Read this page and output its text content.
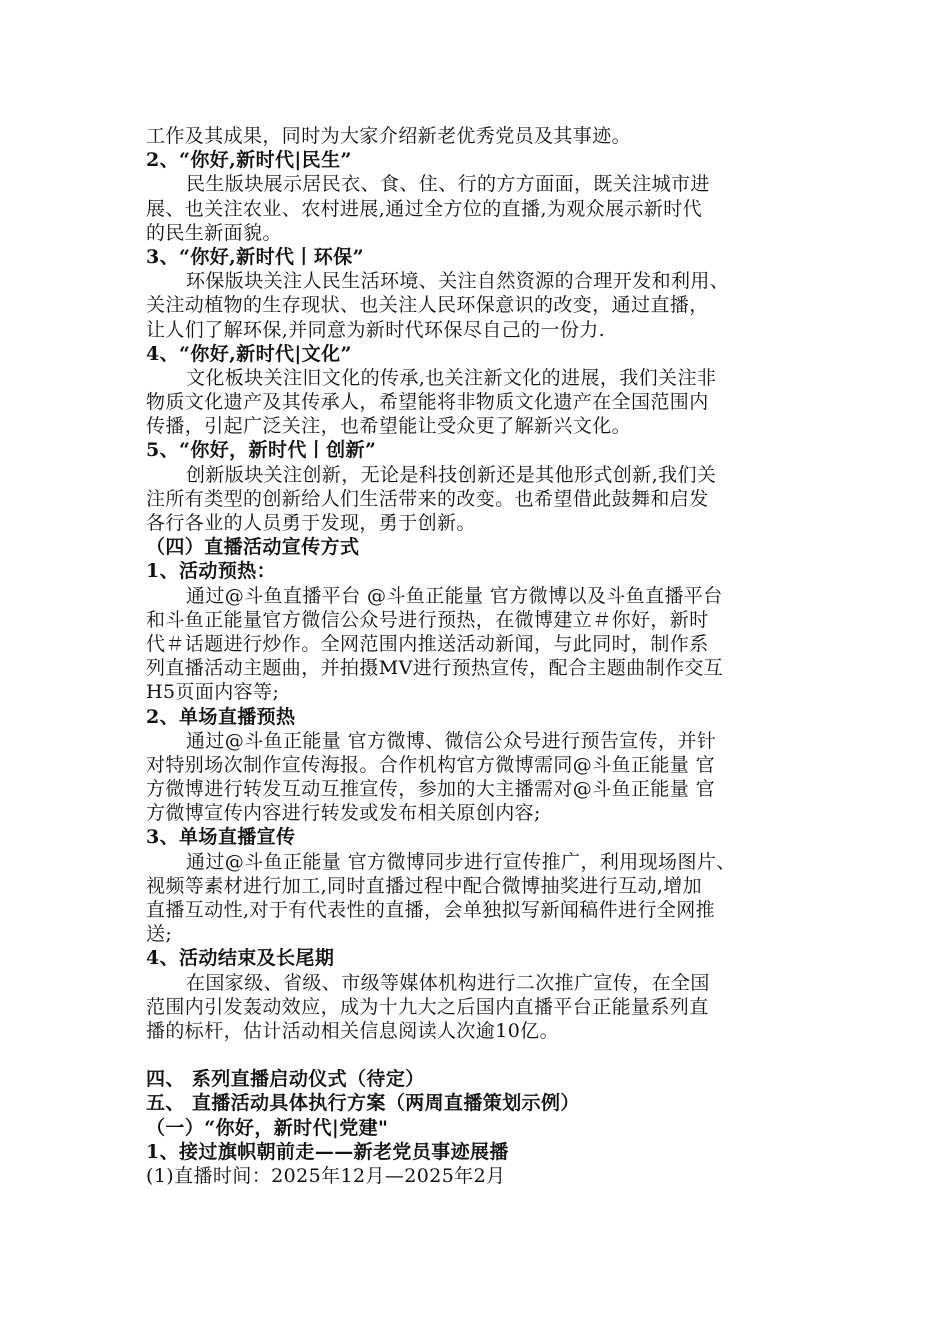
工作及其成果，同时为大家介绍新老优秀党员及其事迹。
2、“你好,新时代|民生”
民生版块展示居民衣、食、住、行的方方面面，既关注城市进
展、也关注农业、农村进展,通过全方位的直播,为观众展示新时代
的民生新面貌。
3、“你好,新时代丨环保”
环保版块关注人民生活环境、关注自然资源的合理开发和利用、
关注动植物的生存现状、也关注人民环保意识的改变，通过直播，
让人们了解环保,并同意为新时代环保尽自己的一份力.
4、“你好,新时代|文化”
文化板块关注旧文化的传承,也关注新文化的进展，我们关注非
物质文化遗产及其传承人，希望能将非物质文化遗产在全国范围内
传播，引起广泛关注，也希望能让受众更了解新兴文化。
5、“你好，新时代丨创新”
创新版块关注创新，无论是科技创新还是其他形式创新,我们关
注所有类型的创新给人们生活带来的改变。也希望借此鼓舞和启发
各行各业的人员勇于发现，勇于创新。
（四）直播活动宣传方式
1、活动预热：
通过@斗鱼直播平台 @斗鱼正能量 官方微博以及斗鱼直播平台
和斗鱼正能量官方微信公众号进行预热，在微博建立＃你好，新时
代＃话题进行炒作。全网范围内推送活动新闻，与此同时，制作系
列直播活动主题曲，并拍摄MV进行预热宣传，配合主题曲制作交互
H5页面内容等;
2、单场直播预热
通过@斗鱼正能量 官方微博、微信公众号进行预告宣传，并针
对特别场次制作宣传海报。合作机构官方微博需同@斗鱼正能量 官
方微博进行转发互动互推宣传，参加的大主播需对@斗鱼正能量 官
方微博宣传内容进行转发或发布相关原创内容;
3、单场直播宣传
通过@斗鱼正能量 官方微博同步进行宣传推广，利用现场图片、
视频等素材进行加工,同时直播过程中配合微博抽奖进行互动,增加
直播互动性,对于有代表性的直播，会单独拟写新闻稿件进行全网推
送;
4、活动结束及长尾期
在国家级、省级、市级等媒体机构进行二次推广宣传，在全国
范围内引发轰动效应，成为十九大之后国内直播平台正能量系列直
播的标杆，估计活动相关信息阅读人次逾10亿。
四、 系列直播启动仪式（待定）
五、 直播活动具体执行方案（两周直播策划示例）
（一）“你好，新时代|党建"
1、接过旗帜朝前走——新老党员事迹展播
(1)直播时间：2025年12月—2025年2月
